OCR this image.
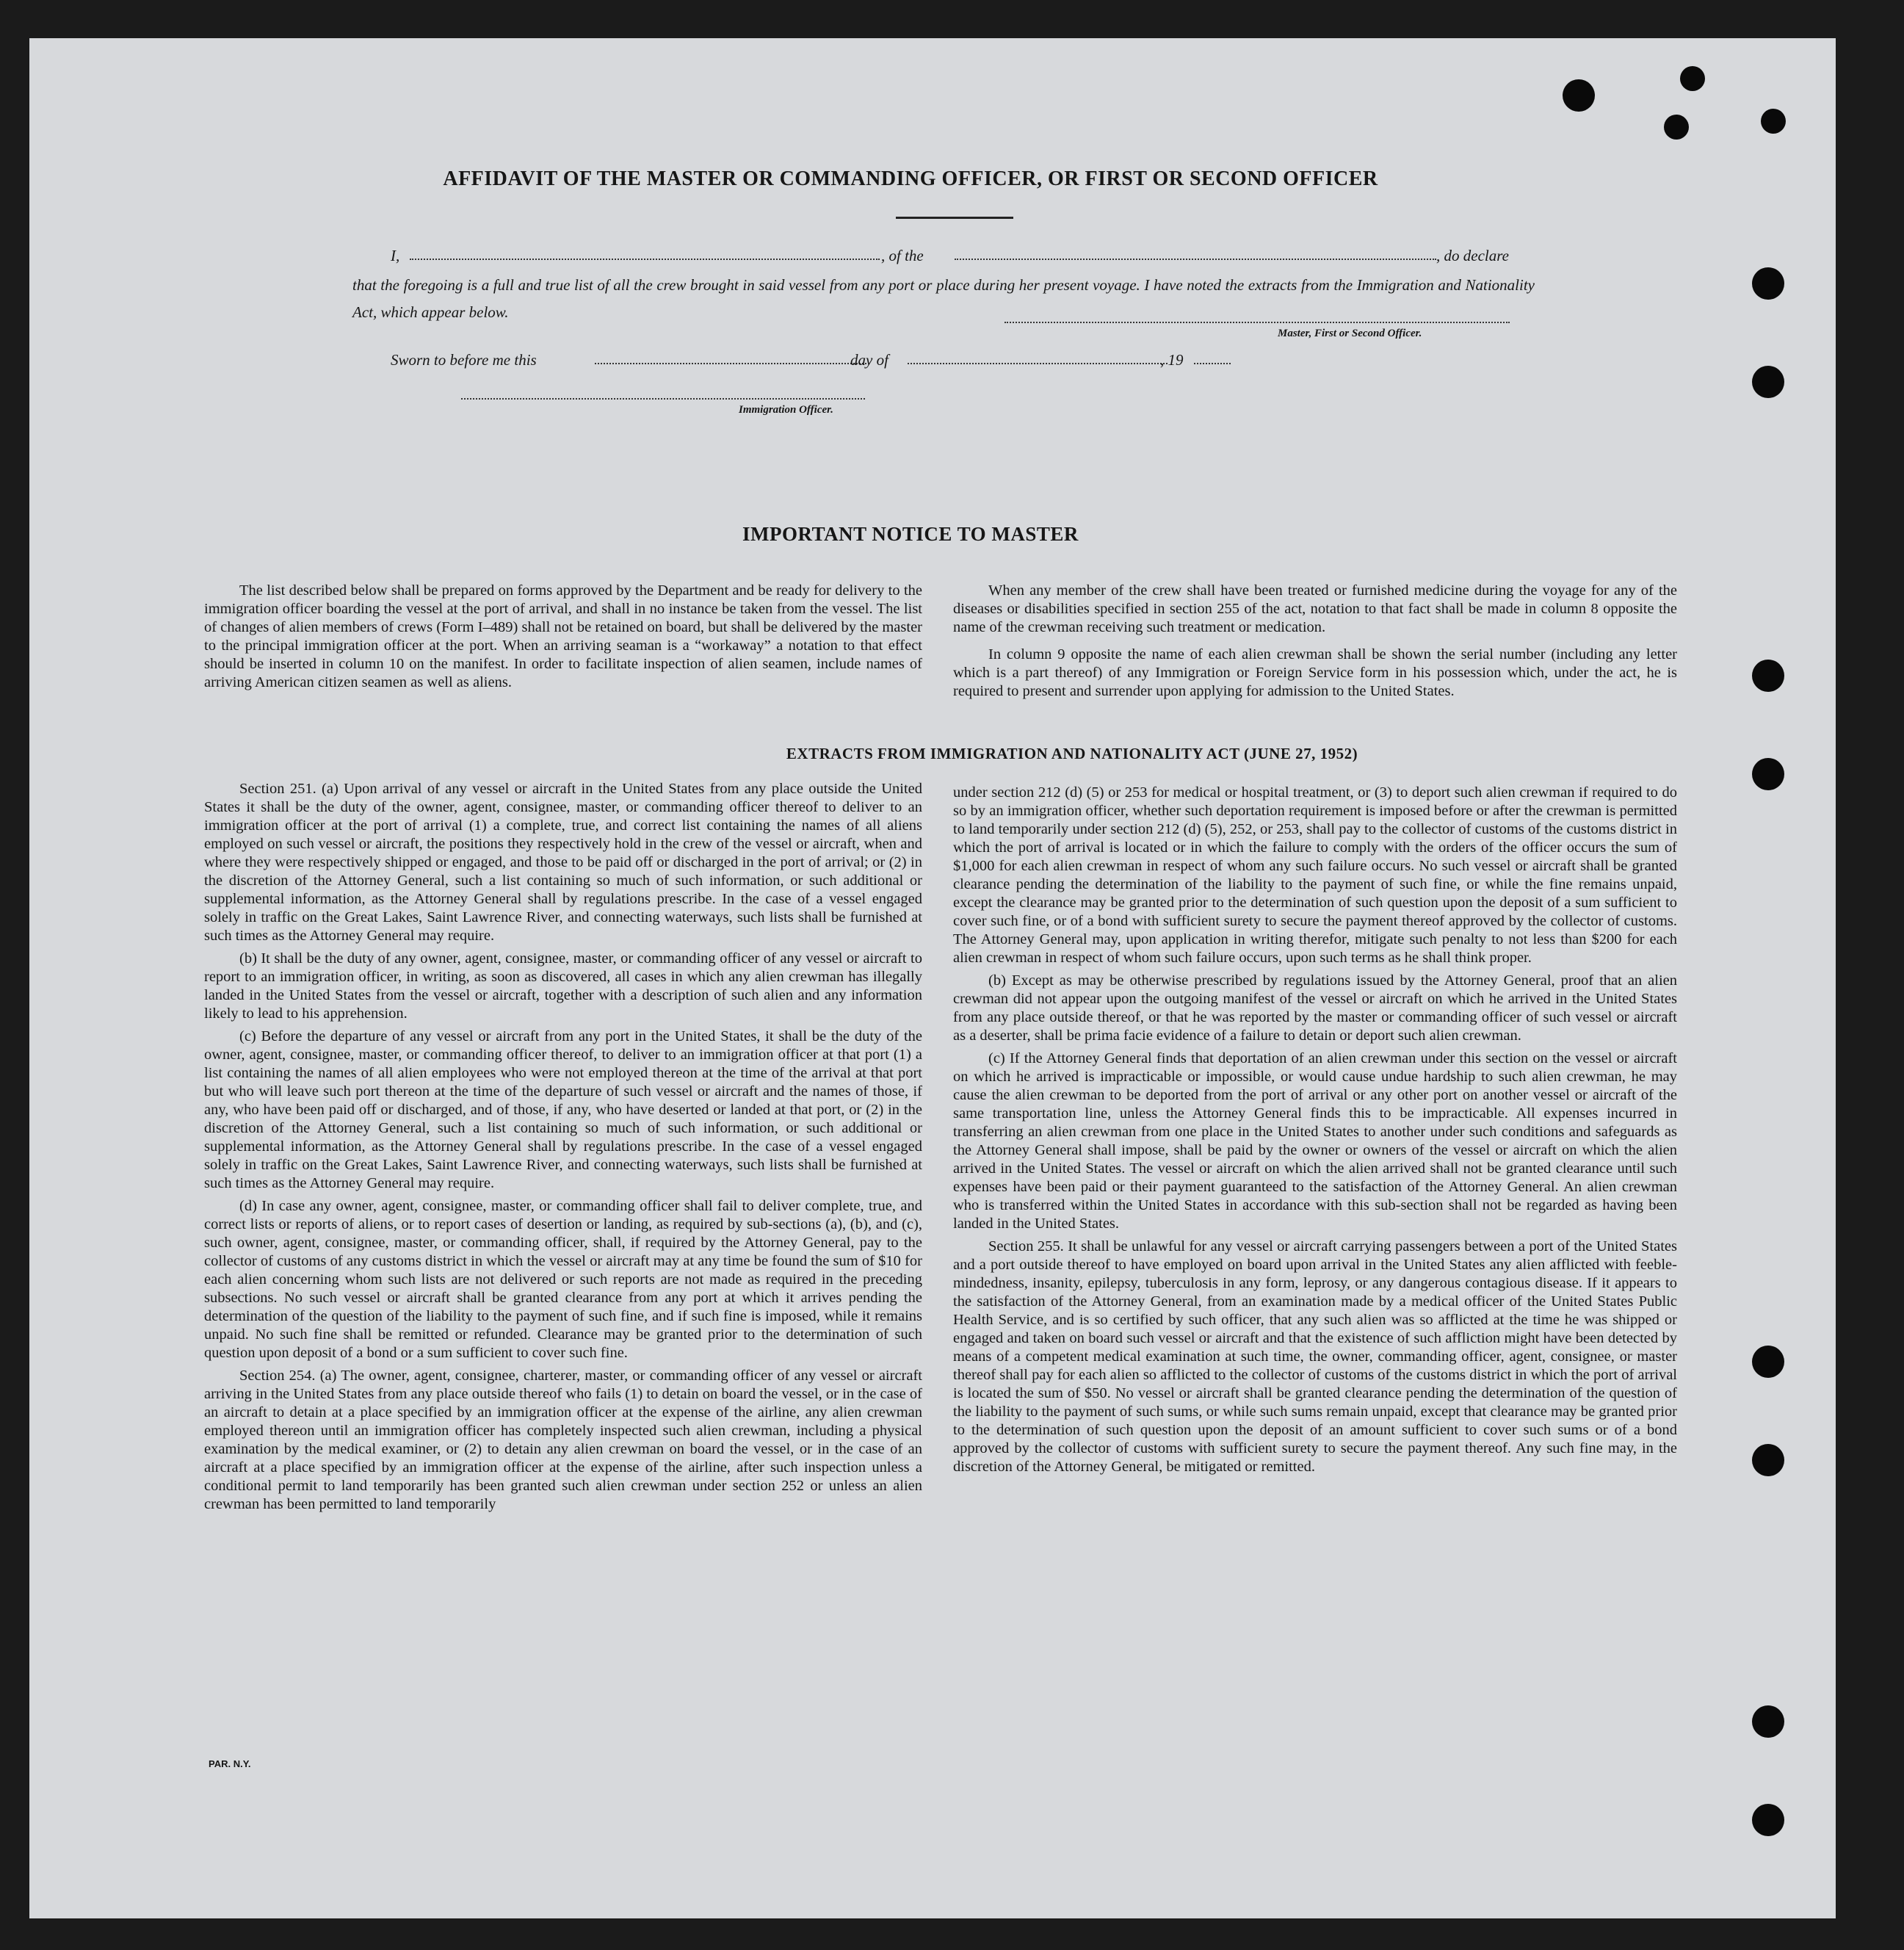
AFFIDAVIT OF THE MASTER OR COMMANDING OFFICER, OR FIRST OR SECOND OFFICER
I,	, of the	, do declare
that the foregoing is a full and true list of all the crew brought in said vessel from any port or place during her present voyage. I have noted the extracts from the Immigration and Nationality Act, which appear below.
Master, First or Second Officer.
Sworn to before me this	day of	, 19
Immigration Officer.
IMPORTANT NOTICE TO MASTER

The list described below shall be prepared on forms approved by the Department and be ready for delivery to the immigration officer boarding the vessel at the port of arrival, and shall in no instance be taken from the vessel. The list of changes of alien members of crews (Form I–489) shall not be retained on board, but shall be delivered by the master to the principal immigration officer at the port. When an arriving seaman is a “workaway” a notation to that effect should be inserted in column 10 on the manifest. In order to facilitate inspection of alien seamen, include names of arriving American citizen seamen as well as aliens.

When any member of the crew shall have been treated or furnished medicine during the voyage for any of the diseases or disabilities specified in section 255 of the act, notation to that fact shall be made in column 8 opposite the name of the crewman receiving such treatment or medication.

In column 9 opposite the name of each alien crewman shall be shown the serial number (including any letter which is a part thereof) of any Immigration or Foreign Service form in his possession which, under the act, he is required to present and surrender upon applying for admission to the United States.

EXTRACTS FROM IMMIGRATION AND NATIONALITY ACT (JUNE 27, 1952)

Section 251. (a) Upon arrival of any vessel or aircraft in the United States from any place outside the United States it shall be the duty of the owner, agent, consignee, master, or commanding officer thereof to deliver to an immigration officer at the port of arrival (1) a complete, true, and correct list containing the names of all aliens employed on such vessel or aircraft, the positions they respectively hold in the crew of the vessel or aircraft, when and where they were respectively shipped or engaged, and those to be paid off or discharged in the port of arrival; or (2) in the discretion of the Attorney General, such a list containing so much of such information, or such additional or supplemental information, as the Attorney General shall by regulations prescribe. In the case of a vessel engaged solely in traffic on the Great Lakes, Saint Lawrence River, and connecting waterways, such lists shall be furnished at such times as the Attorney General may require.

(b) It shall be the duty of any owner, agent, consignee, master, or commanding officer of any vessel or aircraft to report to an immigration officer, in writing, as soon as discovered, all cases in which any alien crewman has illegally landed in the United States from the vessel or aircraft, together with a description of such alien and any information likely to lead to his apprehension.

(c) Before the departure of any vessel or aircraft from any port in the United States, it shall be the duty of the owner, agent, consignee, master, or commanding officer thereof, to deliver to an immigration officer at that port (1) a list containing the names of all alien employees who were not employed thereon at the time of the arrival at that port but who will leave such port thereon at the time of the departure of such vessel or aircraft and the names of those, if any, who have been paid off or discharged, and of those, if any, who have deserted or landed at that port, or (2) in the discretion of the Attorney General, such a list containing so much of such information, or such additional or supplemental information, as the Attorney General shall by regulations prescribe. In the case of a vessel engaged solely in traffic on the Great Lakes, Saint Lawrence River, and connecting waterways, such lists shall be furnished at such times as the Attorney General may require.

(d) In case any owner, agent, consignee, master, or commanding officer shall fail to deliver complete, true, and correct lists or reports of aliens, or to report cases of desertion or landing, as required by sub-sections (a), (b), and (c), such owner, agent, consignee, master, or commanding officer, shall, if required by the Attorney General, pay to the collector of customs of any customs district in which the vessel or aircraft may at any time be found the sum of $10 for each alien concerning whom such lists are not delivered or such reports are not made as required in the preceding subsections. No such vessel or aircraft shall be granted clearance from any port at which it arrives pending the determination of the question of the liability to the payment of such fine, and if such fine is imposed, while it remains unpaid. No such fine shall be remitted or refunded. Clearance may be granted prior to the determination of such question upon deposit of a bond or a sum sufficient to cover such fine.

Section 254. (a) The owner, agent, consignee, charterer, master, or commanding officer of any vessel or aircraft arriving in the United States from any place outside thereof who fails (1) to detain on board the vessel, or in the case of an aircraft to detain at a place specified by an immigration officer at the expense of the airline, any alien crewman employed thereon until an immigration officer has completely inspected such alien crewman, including a physical examination by the medical examiner, or (2) to detain any alien crewman on board the vessel, or in the case of an aircraft at a place specified by an immigration officer at the expense of the airline, after such inspection unless a conditional permit to land temporarily has been granted such alien crewman under section 252 or unless an alien crewman has been permitted to land temporarily

under section 212 (d) (5) or 253 for medical or hospital treatment, or (3) to deport such alien crewman if required to do so by an immigration officer, whether such deportation requirement is imposed before or after the crewman is permitted to land temporarily under section 212 (d) (5), 252, or 253, shall pay to the collector of customs of the customs district in which the port of arrival is located or in which the failure to comply with the orders of the officer occurs the sum of $1,000 for each alien crewman in respect of whom any such failure occurs. No such vessel or aircraft shall be granted clearance pending the determination of the liability to the payment of such fine, or while the fine remains unpaid, except the clearance may be granted prior to the determination of such question upon the deposit of a sum sufficient to cover such fine, or of a bond with sufficient surety to secure the payment thereof approved by the collector of customs. The Attorney General may, upon application in writing therefor, mitigate such penalty to not less than $200 for each alien crewman in respect of whom such failure occurs, upon such terms as he shall think proper.

(b) Except as may be otherwise prescribed by regulations issued by the Attorney General, proof that an alien crewman did not appear upon the outgoing manifest of the vessel or aircraft on which he arrived in the United States from any place outside thereof, or that he was reported by the master or commanding officer of such vessel or aircraft as a deserter, shall be prima facie evidence of a failure to detain or deport such alien crewman.

(c) If the Attorney General finds that deportation of an alien crewman under this section on the vessel or aircraft on which he arrived is impracticable or impossible, or would cause undue hardship to such alien crewman, he may cause the alien crewman to be deported from the port of arrival or any other port on another vessel or aircraft of the same transportation line, unless the Attorney General finds this to be impracticable. All expenses incurred in transferring an alien crewman from one place in the United States to another under such conditions and safeguards as the Attorney General shall impose, shall be paid by the owner or owners of the vessel or aircraft on which the alien arrived in the United States. The vessel or aircraft on which the alien arrived shall not be granted clearance until such expenses have been paid or their payment guaranteed to the satisfaction of the Attorney General. An alien crewman who is transferred within the United States in accordance with this sub-section shall not be regarded as having been landed in the United States.

Section 255. It shall be unlawful for any vessel or aircraft carrying passengers between a port of the United States and a port outside thereof to have employed on board upon arrival in the United States any alien afflicted with feeble-mindedness, insanity, epilepsy, tuberculosis in any form, leprosy, or any dangerous contagious disease. If it appears to the satisfaction of the Attorney General, from an examination made by a medical officer of the United States Public Health Service, and is so certified by such officer, that any such alien was so afflicted at the time he was shipped or engaged and taken on board such vessel or aircraft and that the existence of such affliction might have been detected by means of a competent medical examination at such time, the owner, commanding officer, agent, consignee, or master thereof shall pay for each alien so afflicted to the collector of customs of the customs district in which the port of arrival is located the sum of $50. No vessel or aircraft shall be granted clearance pending the determination of the question of the liability to the payment of such sums, or while such sums remain unpaid, except that clearance may be granted prior to the determination of such question upon the deposit of an amount sufficient to cover such sums or of a bond approved by the collector of customs with sufficient surety to secure the payment thereof. Any such fine may, in the discretion of the Attorney General, be mitigated or remitted.

PAR. N.Y.
